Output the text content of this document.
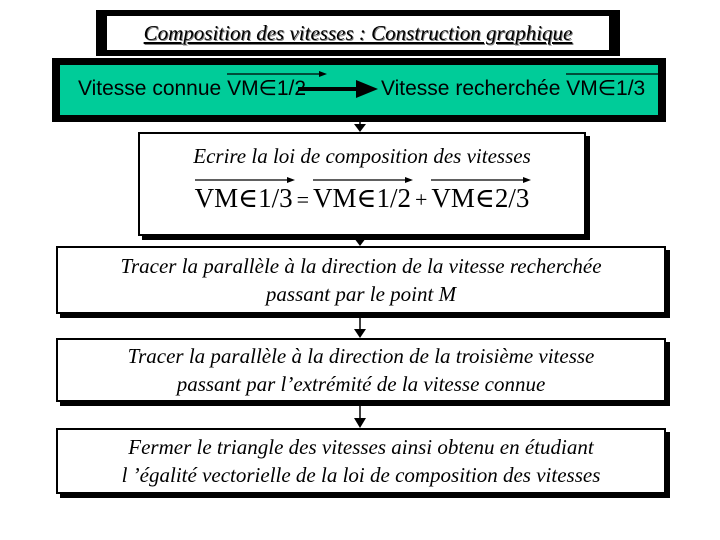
Composition des vitesses : Construction graphique
Vitesse connue VM∈1/2	Vitesse recherchée VM∈1/3
Ecrire la loi de composition des vitesses
VM∈1/3 = VM∈1/2 + VM∈2/3
Tracer la parallèle à la direction de la vitesse recherchée
passant par le point M
Tracer la parallèle à la direction de la troisième vitesse
passant par l’extrémité de la vitesse connue
Fermer le triangle des vitesses ainsi obtenu en étudiant
l ’égalité vectorielle de la loi de composition des vitesses
